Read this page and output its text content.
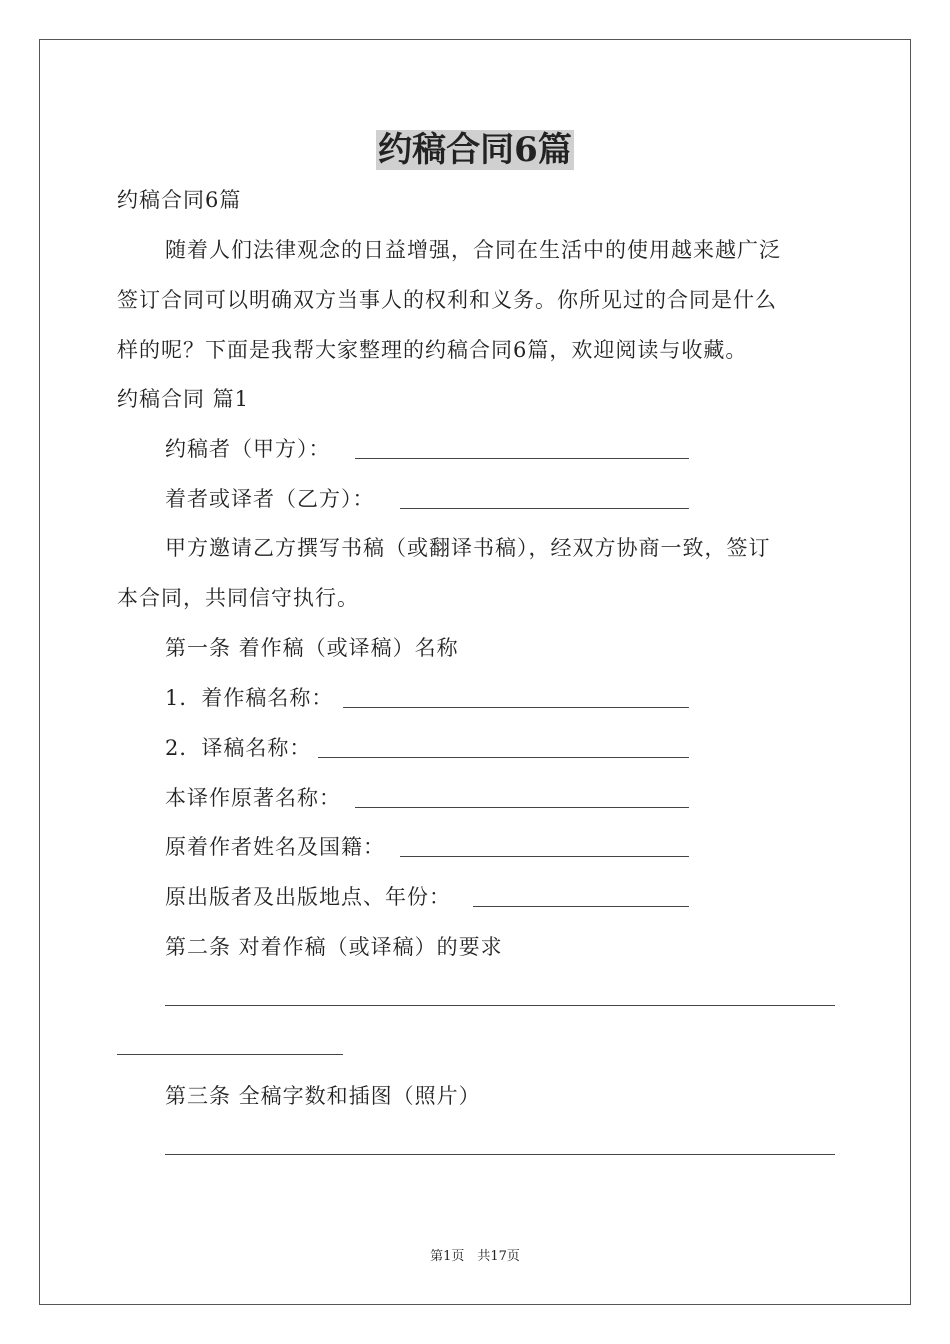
约稿合同6篇
约稿合同6篇
随着人们法律观念的日益增强，合同在生活中的使用越来越广泛
签订合同可以明确双方当事人的权利和义务。你所见过的合同是什么
样的呢？下面是我帮大家整理的约稿合同6篇，欢迎阅读与收藏。
约稿合同 篇1
约稿者（甲方）：
着者或译者（乙方）：
甲方邀请乙方撰写书稿（或翻译书稿），经双方协商一致，签订
本合同，共同信守执行。
第一条 着作稿（或译稿）名称
1．着作稿名称：
2．译稿名称：
本译作原著名称：
原着作者姓名及国籍：
原出版者及出版地点、年份：
第二条 对着作稿（或译稿）的要求
第三条 全稿字数和插图（照片）
第1页　共17页
